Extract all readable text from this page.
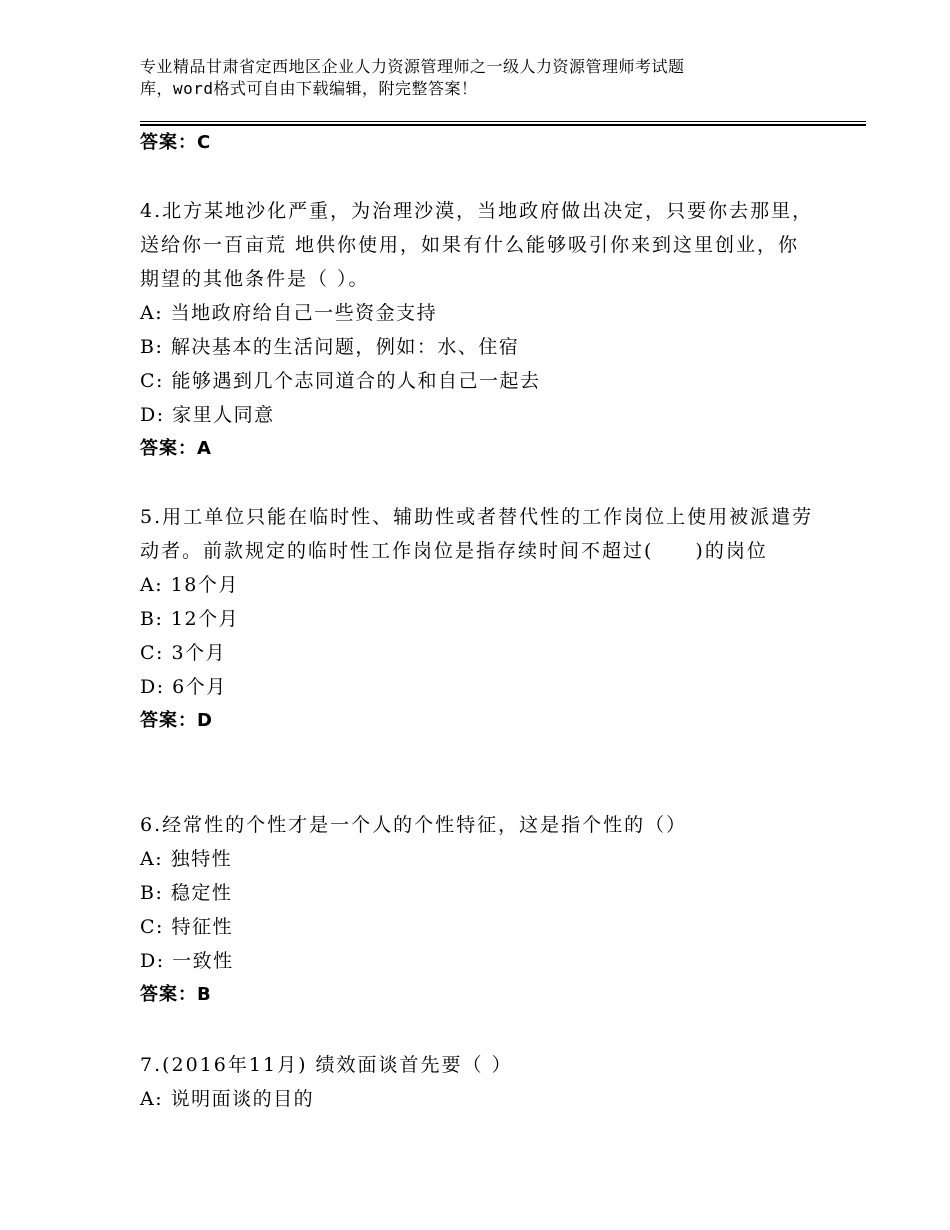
专业精品甘肃省定西地区企业人力资源管理师之一级人力资源管理师考试题
库，word格式可自由下载编辑，附完整答案！

答案：C

4.北方某地沙化严重，为治理沙漠，当地政府做出决定，只要你去那里，送给你一百亩荒 地供你使用，如果有什么能够吸引你来到这里创业，你期望的其他条件是（ ）。

A: 当地政府给自己一些资金支持

B: 解决基本的生活问题，例如：水、住宿

C: 能够遇到几个志同道合的人和自己一起去

D: 家里人同意

答案：A

5.用工单位只能在临时性、辅助性或者替代性的工作岗位上使用被派遣劳动者。前款规定的临时性工作岗位是指存续时间不超过(　　)的岗位

A: 18个月

B: 12个月

C: 3个月

D: 6个月

答案：D

6.经常性的个性才是一个人的个性特征，这是指个性的（）

A: 独特性

B: 稳定性

C: 特征性

D: 一致性

答案：B

7.(2016年11月) 绩效面谈首先要（ ）

A: 说明面谈的目的
